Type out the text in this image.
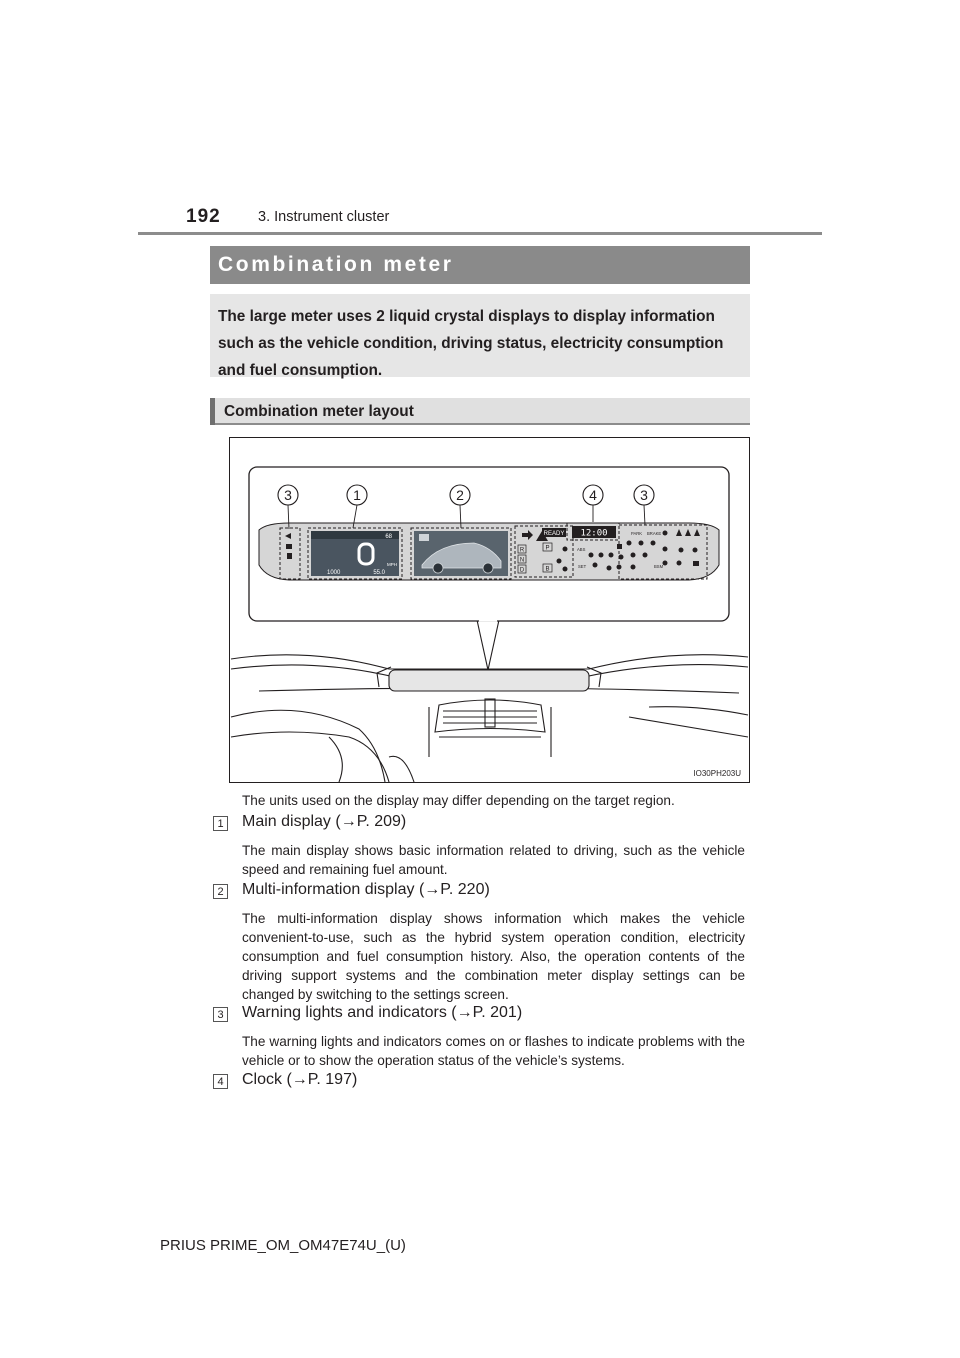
192	3. Instrument cluster
Combination meter
The large meter uses 2 liquid crystal displays to display information such as the vehicle condition, driving status, electricity consumption and fuel consumption.
Combination meter layout
3	1	2	4	3
68
MPH
1000	55.0
READY 12:00
R
N
D
P
B
ABS
SET	BSM
PARK BRAKE
IO30PH203U
The units used on the display may differ depending on the target region.
1 Main display (→P. 209)
The main display shows basic information related to driving, such as the vehicle speed and remaining fuel amount.
2 Multi-information display (→P. 220)
The multi-information display shows information which makes the vehicle convenient-to-use, such as the hybrid system operation condition, electricity consumption and fuel consumption history. Also, the operation contents of the driving support systems and the combination meter display settings can be changed by switching to the settings screen.
3 Warning lights and indicators (→P. 201)
The warning lights and indicators comes on or flashes to indicate problems with the vehicle or to show the operation status of the vehicle’s systems.
4 Clock (→P. 197)
PRIUS PRIME_OM_OM47E74U_(U)
